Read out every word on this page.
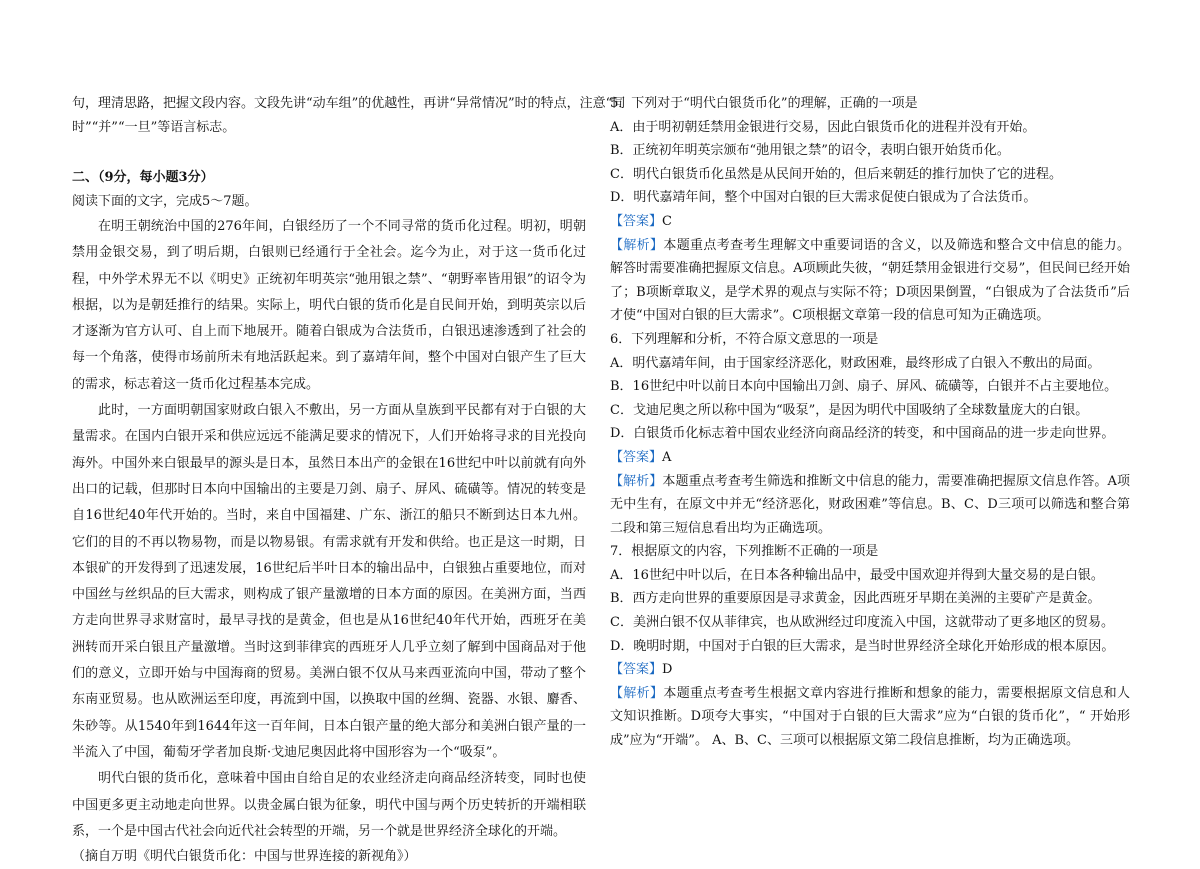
句，理清思路，把握文段内容。文段先讲“动车组”的优越性，再讲“异常情况”时的特点，注意“同
时”“并”“一旦”等语言标志。
二、（9分，每小题3分）
阅读下面的文字，完成5～7题。

在明王朝统治中国的276年间，白银经历了一个不同寻常的货币化过程。明初，明朝禁用金银交易，到了明后期，白银则已经通行于全社会。迄今为止，对于这一货币化过程，中外学术界无不以《明史》正统初年明英宗“弛用银之禁”、“朝野率皆用银”的诏令为根据，以为是朝廷推行的结果。实际上，明代白银的货币化是自民间开始，到明英宗以后才逐渐为官方认可、自上而下地展开。随着白银成为合法货币，白银迅速渗透到了社会的每一个角落，使得市场前所未有地活跃起来。到了嘉靖年间，整个中国对白银产生了巨大的需求，标志着这一货币化过程基本完成。

此时，一方面明朝国家财政白银入不敷出，另一方面从皇族到平民都有对于白银的大量需求。在国内白银开采和供应远远不能满足要求的情况下，人们开始将寻求的目光投向海外。中国外来白银最早的源头是日本，虽然日本出产的金银在16世纪中叶以前就有向外出口的记载，但那时日本向中国输出的主要是刀剑、扇子、屏风、硫磺等。情况的转变是自16世纪40年代开始的。当时，来自中国福建、广东、浙江的船只不断到达日本九州。它们的目的不再以物易物，而是以物易银。有需求就有开发和供给。也正是这一时期，日本银矿的开发得到了迅速发展，16世纪后半叶日本的输出品中，白银独占重要地位，而对中国丝与丝织品的巨大需求，则构成了银产量激增的日本方面的原因。在美洲方面，当西方走向世界寻求财富时，最早寻找的是黄金，但也是从16世纪40年代开始，西班牙在美洲转而开采白银且产量激增。当时这到菲律宾的西班牙人几乎立刻了解到中国商品对于他们的意义，立即开始与中国海商的贸易。美洲白银不仅从马来西亚流向中国，带动了整个东南亚贸易。也从欧洲运至印度，再流到中国，以换取中国的丝绸、瓷器、水银、麝香、朱砂等。从1540年到1644年这一百年间，日本白银产量的绝大部分和美洲白银产量的一半流入了中国，葡萄牙学者加良斯·戈迪尼奥因此将中国形容为一个“吸泵”。

明代白银的货币化，意味着中国由自给自足的农业经济走向商品经济转变，同时也使中国更多更主动地走向世界。以贵金属白银为征象，明代中国与两个历史转折的开端相联系，一个是中国古代社会向近代社会转型的开端，另一个就是世界经济全球化的开端。

（摘自万明《明代白银货币化：中国与世界连接的新视角》）
5．下列对于“明代白银货币化”的理解，正确的一项是
A．由于明初朝廷禁用金银进行交易，因此白银货币化的进程并没有开始。
B．正统初年明英宗颁布“弛用银之禁”的诏令，表明白银开始货币化。
C．明代白银货币化虽然是从民间开始的，但后来朝廷的推行加快了它的进程。
D．明代嘉靖年间，整个中国对白银的巨大需求促使白银成为了合法货币。
【答案】C
【解析】本题重点考查考生理解文中重要词语的含义，以及筛选和整合文中信息的能力。解答时需要准确把握原文信息。A项顾此失彼，“朝廷禁用金银进行交易”，但民间已经开始了；B项断章取义，是学术界的观点与实际不符；D项因果倒置，“白银成为了合法货币”后才使“中国对白银的巨大需求”。C项根据文章第一段的信息可知为正确选项。
6．下列理解和分析，不符合原文意思的一项是
A．明代嘉靖年间，由于国家经济恶化，财政困难，最终形成了白银入不敷出的局面。
B．16世纪中叶以前日本向中国输出刀剑、扇子、屏风、硫磺等，白银并不占主要地位。
C．戈迪尼奥之所以称中国为“吸泵”，是因为明代中国吸纳了全球数量庞大的白银。
D．白银货币化标志着中国农业经济向商品经济的转变，和中国商品的进一步走向世界。
【答案】A
【解析】本题重点考查考生筛选和推断文中信息的能力，需要准确把握原文信息作答。A项无中生有，在原文中并无“经济恶化，财政困难”等信息。B、C、D三项可以筛选和整合第二段和第三短信息看出均为正确选项。
7．根据原文的内容，下列推断不正确的一项是
A．16世纪中叶以后，在日本各种输出品中，最受中国欢迎并得到大量交易的是白银。
B．西方走向世界的重要原因是寻求黄金，因此西班牙早期在美洲的主要矿产是黄金。
C．美洲白银不仅从菲律宾，也从欧洲经过印度流入中国，这就带动了更多地区的贸易。
D．晚明时期，中国对于白银的巨大需求，是当时世界经济全球化开始形成的根本原因。
【答案】D
【解析】本题重点考查考生根据文章内容进行推断和想象的能力，需要根据原文信息和人文知识推断。D项夸大事实，“中国对于白银的巨大需求”应为“白银的货币化”，“ 开始形成”应为“开端”。 A、B、C、三项可以根据原文第二段信息推断，均为正确选项。
